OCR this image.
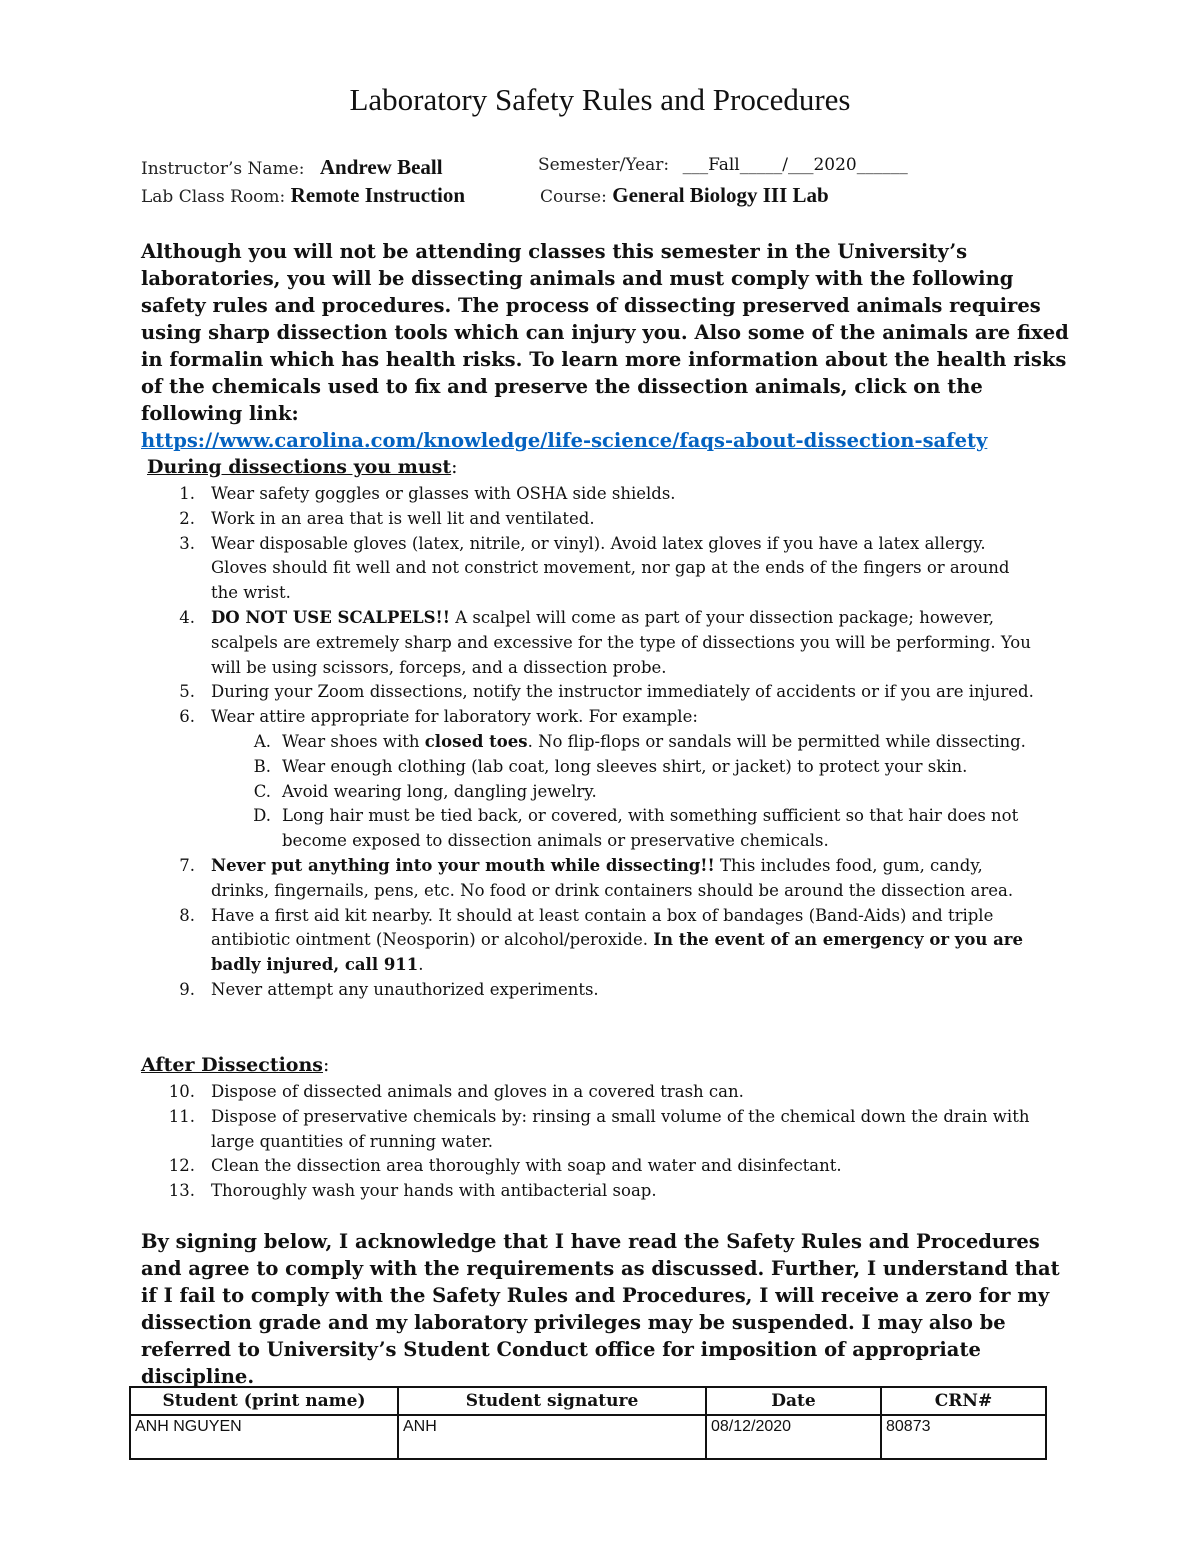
Laboratory Safety Rules and Procedures
Instructor’s Name: Andrew Beall	Semester/Year: ___Fall_____/___2020______
Lab Class Room: Remote Instruction	Course: General Biology III Lab
Although you will not be attending classes this semester in the University’s laboratories, you will be dissecting animals and must comply with the following safety rules and procedures. The process of dissecting preserved animals requires using sharp dissection tools which can injury you. Also some of the animals are fixed in formalin which has health risks. To learn more information about the health risks of the chemicals used to fix and preserve the dissection animals, click on the following link:
https://www.carolina.com/knowledge/life-science/faqs-about-dissection-safety
During dissections you must:
1. Wear safety goggles or glasses with OSHA side shields.
2. Work in an area that is well lit and ventilated.
3. Wear disposable gloves (latex, nitrile, or vinyl). Avoid latex gloves if you have a latex allergy. Gloves should fit well and not constrict movement, nor gap at the ends of the fingers or around the wrist.
4. DO NOT USE SCALPELS!! A scalpel will come as part of your dissection package; however, scalpels are extremely sharp and excessive for the type of dissections you will be performing. You will be using scissors, forceps, and a dissection probe.
5. During your Zoom dissections, notify the instructor immediately of accidents or if you are injured.
6. Wear attire appropriate for laboratory work. For example:
A. Wear shoes with closed toes. No flip-flops or sandals will be permitted while dissecting.
B. Wear enough clothing (lab coat, long sleeves shirt, or jacket) to protect your skin.
C. Avoid wearing long, dangling jewelry.
D. Long hair must be tied back, or covered, with something sufficient so that hair does not become exposed to dissection animals or preservative chemicals.
7. Never put anything into your mouth while dissecting!! This includes food, gum, candy, drinks, fingernails, pens, etc. No food or drink containers should be around the dissection area.
8. Have a first aid kit nearby. It should at least contain a box of bandages (Band-Aids) and triple antibiotic ointment (Neosporin) or alcohol/peroxide. In the event of an emergency or you are badly injured, call 911.
9. Never attempt any unauthorized experiments.
After Dissections:
10. Dispose of dissected animals and gloves in a covered trash can.
11. Dispose of preservative chemicals by: rinsing a small volume of the chemical down the drain with large quantities of running water.
12. Clean the dissection area thoroughly with soap and water and disinfectant.
13. Thoroughly wash your hands with antibacterial soap.
By signing below, I acknowledge that I have read the Safety Rules and Procedures and agree to comply with the requirements as discussed. Further, I understand that if I fail to comply with the Safety Rules and Procedures, I will receive a zero for my dissection grade and my laboratory privileges may be suspended. I may also be referred to University’s Student Conduct office for imposition of appropriate discipline.
Student (print name)	Student signature	Date	CRN#
ANH NGUYEN	ANH	08/12/2020	80873
